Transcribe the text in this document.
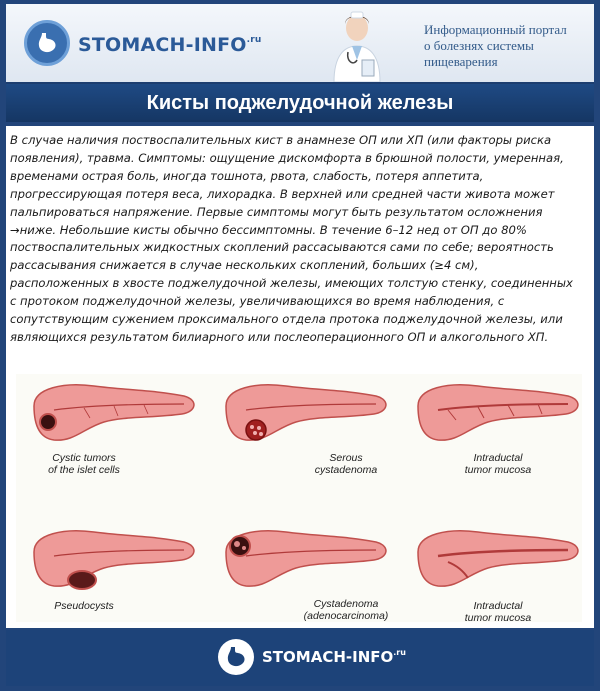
STOMACH-$INFO^{.ru}$
Информационный портал
о болезнях системы
пищеварения
Кисты поджелудочной железы
В случае наличия поствоспалительных кист в анамнезе ОП или ХП (или факторы риска появления), травма. Симптомы: ощущение дискомфорта в брюшной полости, умеренная, временами острая боль, иногда тошнота, рвота, слабость, потеря аппетита, прогрессирующая потеря веса, лихорадка. В верхней или средней части живота может пальпироваться напряжение. Первые симптомы могут быть результатом осложнения →ниже. Небольшие кисты обычно бессимптомны. В течение 6–12 нед от ОП до 80% поствоспалительных жидкостных скоплений рассасываются сами по себе; вероятность рассасывания снижается в случае нескольких скоплений, больших (≥4 см), расположенных в хвосте поджелудочной железы, имеющих толстую стенку, соединенных с протоком поджелудочной железы, увеличивающихся во время наблюдения, с сопутствующим сужением проксимального отдела протока поджелудочной железы, или являющихся результатом билиарного или послеоперационного ОП и алкогольного ХП.
Cystic tumors
of the islet cells
Serous
cystadenoma
Intraductal
tumor mucosa
Pseudocysts	Cystadenoma
(adenocarcinoma)
Intraductal
tumor mucosa
STOMACH-$INFO^{.ru}$
